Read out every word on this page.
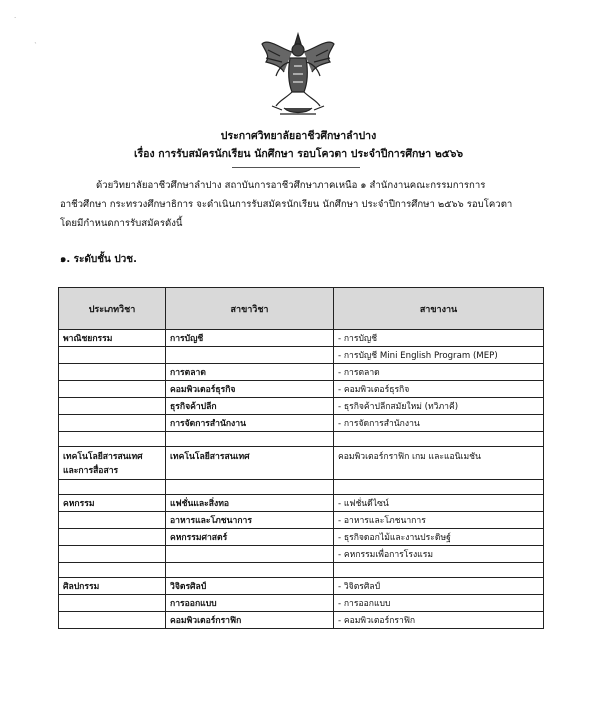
·
`
ประกาศวิทยาลัยอาชีวศึกษาลำปาง
เรื่อง การรับสมัครนักเรียน นักศึกษา รอบโควตา ประจำปีการศึกษา ๒๕๖๖
ด้วยวิทยาลัยอาชีวศึกษาลำปาง สถาบันการอาชีวศึกษาภาคเหนือ ๑ สำนักงานคณะกรรมการการ
อาชีวศึกษา กระทรวงศึกษาธิการ จะดำเนินการรับสมัครนักเรียน นักศึกษา ประจำปีการศึกษา ๒๕๖๖ รอบโควตา
โดยมีกำหนดการรับสมัครดังนี้
๑. ระดับชั้น ปวช.
ประเภทวิชา	สาขาวิชา	สาขางาน
พาณิชยกรรม	การบัญชี	- การบัญชี
		- การบัญชี Mini English Program (MEP)
	การตลาด	- การตลาด
	คอมพิวเตอร์ธุรกิจ	- คอมพิวเตอร์ธุรกิจ
	ธุรกิจค้าปลีก	- ธุรกิจค้าปลีกสมัยใหม่ (ทวิภาคี)
	การจัดการสำนักงาน	- การจัดการสำนักงาน

เทคโนโลยีสารสนเทศ และการสื่อสาร	เทคโนโลยีสารสนเทศ	คอมพิวเตอร์กราฟิก เกม และแอนิเมชัน

คหกรรม	แฟชั่นและสิ่งทอ	- แฟชั่นดีไซน์
	อาหารและโภชนาการ	- อาหารและโภชนาการ
	คหกรรมศาสตร์	- ธุรกิจดอกไม้และงานประดิษฐ์
		- คหกรรมเพื่อการโรงแรม

ศิลปกรรม	วิจิตรศิลป์	- วิจิตรศิลป์
	การออกแบบ	- การออกแบบ
	คอมพิวเตอร์กราฟิก	- คอมพิวเตอร์กราฟิก
